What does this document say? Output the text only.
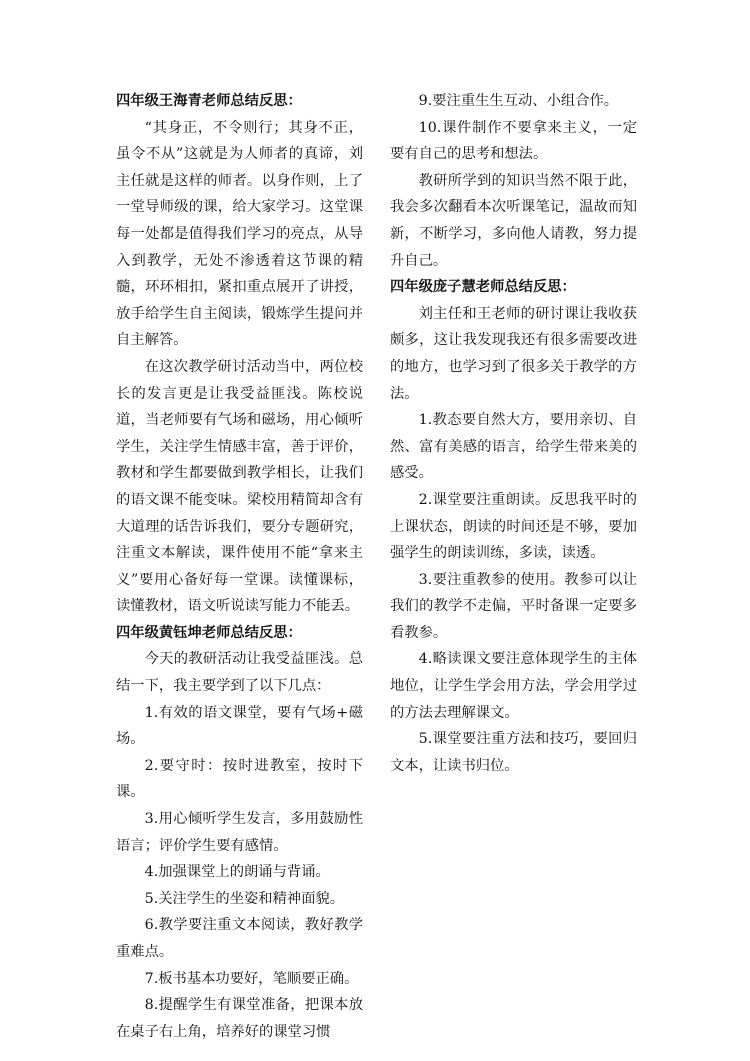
四年级王海青老师总结反思：

“其身正，不令则行；其身不正，虽令不从”这就是为人师者的真谛，刘主任就是这样的师者。以身作则，上了一堂导师级的课，给大家学习。这堂课每一处都是值得我们学习的亮点，从导入到教学，无处不渗透着这节课的精髓，环环相扣，紧扣重点展开了讲授，放手给学生自主阅读，锻炼学生提问并自主解答。

在这次教学研讨活动当中，两位校长的发言更是让我受益匪浅。陈校说道，当老师要有气场和磁场，用心倾听学生，关注学生情感丰富，善于评价，教材和学生都要做到教学相长，让我们的语文课不能变味。梁校用精简却含有大道理的话告诉我们，要分专题研究，注重文本解读，课件使用不能“拿来主义”要用心备好每一堂课。读懂课标，读懂教材，语文听说读写能力不能丢。

四年级黄钰坤老师总结反思：

今天的教研活动让我受益匪浅。总结一下，我主要学到了以下几点：

1.有效的语文课堂，要有气场+磁场。

2.要守时：按时进教室，按时下课。

3.用心倾听学生发言，多用鼓励性语言；评价学生要有感情。

4.加强课堂上的朗诵与背诵。

5.关注学生的坐姿和精神面貌。

6.教学要注重文本阅读，教好教学重难点。

7.板书基本功要好，笔顺要正确。

8.提醒学生有课堂准备，把课本放在桌子右上角，培养好的课堂习惯

9.要注重生生互动、小组合作。

10.课件制作不要拿来主义，一定要有自己的思考和想法。

教研所学到的知识当然不限于此，我会多次翻看本次听课笔记，温故而知新，不断学习，多向他人请教，努力提升自己。

四年级庞子慧老师总结反思：

刘主任和王老师的研讨课让我收获颇多，这让我发现我还有很多需要改进的地方，也学习到了很多关于教学的方法。

1.教态要自然大方，要用亲切、自然、富有美感的语言，给学生带来美的感受。

2.课堂要注重朗读。反思我平时的上课状态，朗读的时间还是不够，要加强学生的朗读训练，多读，读透。

3.要注重教参的使用。教参可以让我们的教学不走偏，平时备课一定要多看教参。

4.略读课文要注意体现学生的主体地位，让学生学会用方法，学会用学过的方法去理解课文。

5.课堂要注重方法和技巧，要回归文本，让读书归位。
